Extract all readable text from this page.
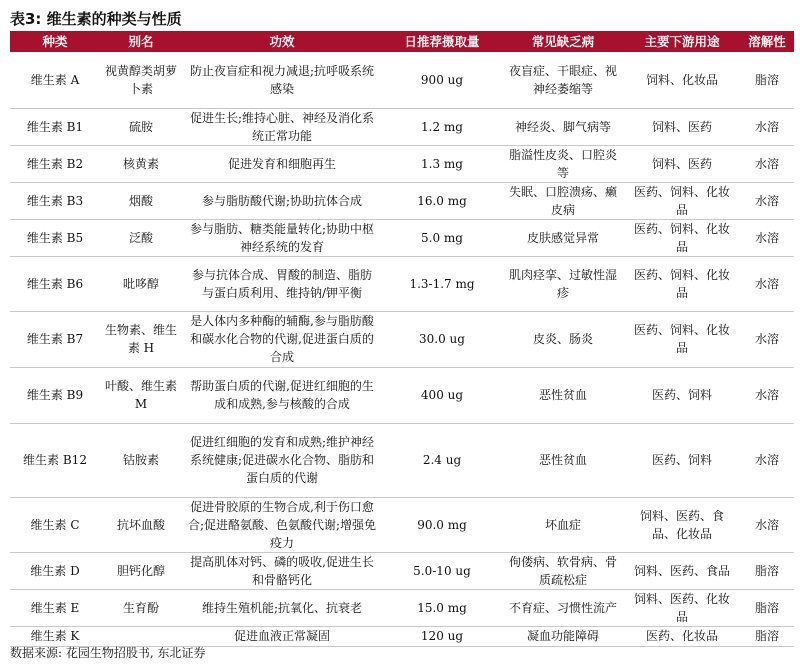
表3: 维生素的种类与性质
种类	别名	功效	日推荐摄取量	常见缺乏病	主要下游用途	溶解性
维生素 A	视黄醇类胡萝卜素	防止夜盲症和视力减退;抗呼吸系统感染	900 ug	夜盲症、干眼症、视神经萎缩等	饲料、化妆品	脂溶
维生素 B1	硫胺	促进生长;维持心脏、神经及消化系统正常功能	1.2 mg	神经炎、脚气病等	饲料、医药	水溶
维生素 B2	核黄素	促进发育和细胞再生	1.3 mg	脂溢性皮炎、口腔炎等	饲料、医药	水溶
维生素 B3	烟酸	参与脂肪酸代谢;协助抗体合成	16.0 mg	失眠、口腔溃疡、癞皮病	医药、饲料、化妆品	水溶
维生素 B5	泛酸	参与脂肪、糖类能量转化;协助中枢神经系统的发育	5.0 mg	皮肤感觉异常	医药、饲料、化妆品	水溶
维生素 B6	吡哆醇	参与抗体合成、胃酸的制造、脂肪与蛋白质利用、维持钠/钾平衡	1.3-1.7 mg	肌肉痉挛、过敏性湿疹	医药、饲料、化妆品	水溶
维生素 B7	生物素、维生素 H	是人体内多种酶的辅酶,参与脂肪酸和碳水化合物的代谢,促进蛋白质的合成	30.0 ug	皮炎、肠炎	医药、饲料、化妆品	水溶
维生素 B9	叶酸、维生素 M	帮助蛋白质的代谢,促进红细胞的生成和成熟,参与核酸的合成	400 ug	恶性贫血	医药、饲料	水溶
维生素 B12	钴胺素	促进红细胞的发育和成熟;维护神经系统健康;促进碳水化合物、脂肪和蛋白质的代谢	2.4 ug	恶性贫血	医药、饲料	水溶
维生素 C	抗坏血酸	促进骨胶原的生物合成,利于伤口愈合;促进酪氨酸、色氨酸代谢;增强免疫力	90.0 mg	坏血症	饲料、医药、食品、化妆品	水溶
维生素 D	胆钙化醇	提高肌体对钙、磷的吸收,促进生长和骨骼钙化	5.0-10 ug	佝偻病、软骨病、骨质疏松症	饲料、医药、食品	脂溶
维生素 E	生育酚	维持生殖机能;抗氧化、抗衰老	15.0 mg	不育症、习惯性流产	饲料、医药、化妆品	脂溶
维生素 K		促进血液正常凝固	120 ug	凝血功能障碍	医药、化妆品	脂溶
数据来源: 花园生物招股书, 东北证券
